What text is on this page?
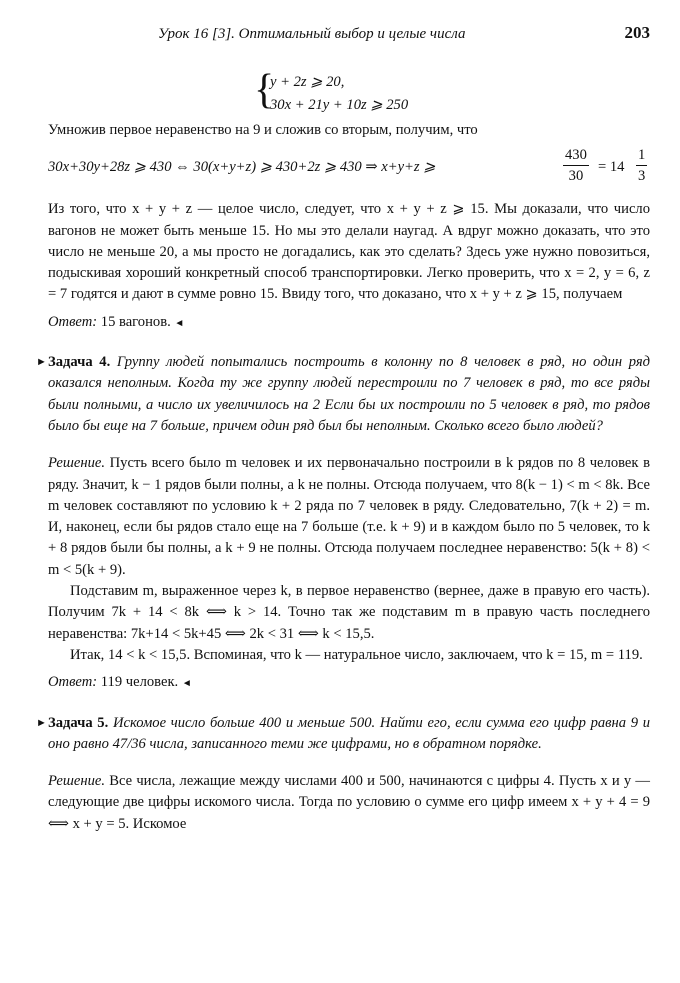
Урок 16 [3]. Оптимальный выбор и целые числа	203
{
y + 2z ⩾ 20,
30x + 21y + 10z ⩾ 250

Умножив первое неравенство на 9 и сложив со вторым, получим, что

30x+30y+28z ⩾ 430 ⇔ 30(x+y+z) ⩾ 430+2z ⩾ 430 ⇒ x+y+z ⩾	$\frac{430}{30} = 14 \frac{1}{3}$

Из того, что x + y + z — целое число, следует, что x + y + z ⩾ 15. Мы доказали, что число вагонов не может быть меньше 15. Но мы это делали наугад. А вдруг можно доказать, что это число не меньше 20, а мы просто не догадались, как это сделать? Здесь уже нужно повозиться, подыскивая хороший конкретный способ транспортировки. Легко проверить, что x = 2, y = 6, z = 7 годятся и дают в сумме ровно 15. Ввиду того, что доказано, что x + y + z ⩾ 15, получаем

Ответ: 15 вагонов. ◄

► Задача 4. Группу людей попытались построить в колонну по 8 человек в ряд, но один ряд оказался неполным. Когда ту же группу людей перестроили по 7 человек в ряд, то все ряды были полными, а число их увеличилось на 2 Если бы их построили по 5 человек в ряд, то рядов было бы еще на 7 больше, причем один ряд был бы неполным. Сколько всего было людей?

Решение. Пусть всего было m человек и их первоначально построили в k рядов по 8 человек в ряду. Значит, k − 1 рядов были полны, а k не полны. Отсюда получаем, что 8(k − 1) < m < 8k. Все m человек составляют по условию k + 2 ряда по 7 человек в ряду. Следовательно, 7(k + 2) = m. И, наконец, если бы рядов стало еще на 7 больше (т.е. k + 9) и в каждом было по 5 человек, то k + 8 рядов были бы полны, а k + 9 не полны. Отсюда получаем последнее неравенство: 5(k + 8) < m < 5(k + 9).

Подставим m, выраженное через k, в первое неравенство (вернее, даже в правую его часть). Получим 7k + 14 < 8k ⟺ k > 14. Точно так же подставим m в правую часть последнего неравенства: 7k+14 < 5k+45 ⟺ 2k < 31 ⟺ k < 15,5.

Итак, 14 < k < 15,5. Вспоминая, что k — натуральное число, заключаем, что k = 15, m = 119.

Ответ: 119 человек. ◄

► Задача 5. Искомое число больше 400 и меньше 500. Найти его, если сумма его цифр равна 9 и оно равно 47/36 числа, записанного теми же цифрами, но в обратном порядке.

Решение. Все числа, лежащие между числами 400 и 500, начинаются с цифры 4. Пусть x и y — следующие две цифры искомого числа. Тогда по условию о сумме его цифр имеем x + y + 4 = 9 ⟺ x + y = 5. Искомое
